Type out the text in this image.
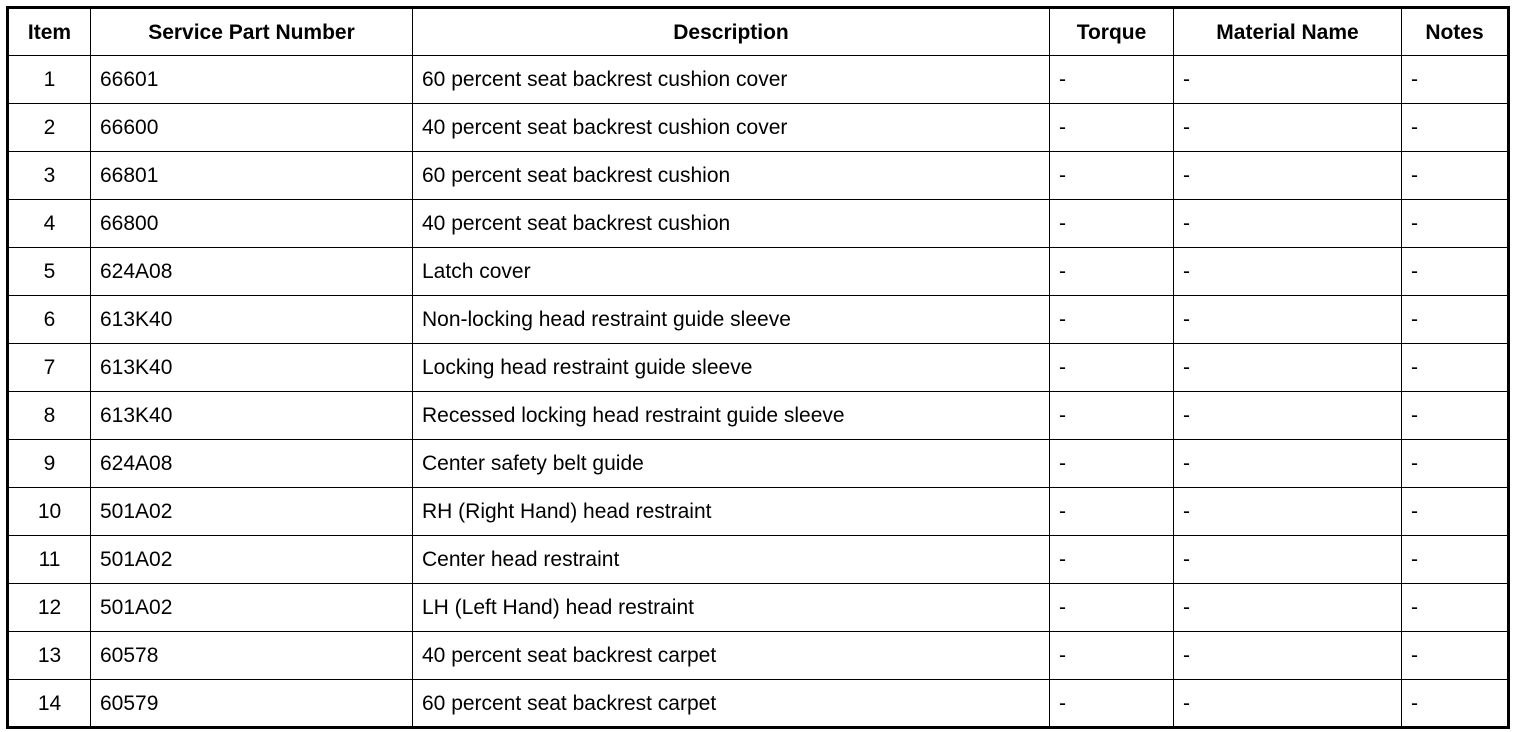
Item	Service Part Number	Description	Torque	Material Name	Notes
1	66601	60 percent seat backrest cushion cover	-	-	-
2	66600	40 percent seat backrest cushion cover	-	-	-
3	66801	60 percent seat backrest cushion	-	-	-
4	66800	40 percent seat backrest cushion	-	-	-
5	624A08	Latch cover	-	-	-
6	613K40	Non-locking head restraint guide sleeve	-	-	-
7	613K40	Locking head restraint guide sleeve	-	-	-
8	613K40	Recessed locking head restraint guide sleeve	-	-	-
9	624A08	Center safety belt guide	-	-	-
10	501A02	RH (Right Hand) head restraint	-	-	-
11	501A02	Center head restraint	-	-	-
12	501A02	LH (Left Hand) head restraint	-	-	-
13	60578	40 percent seat backrest carpet	-	-	-
14	60579	60 percent seat backrest carpet	-	-	-
